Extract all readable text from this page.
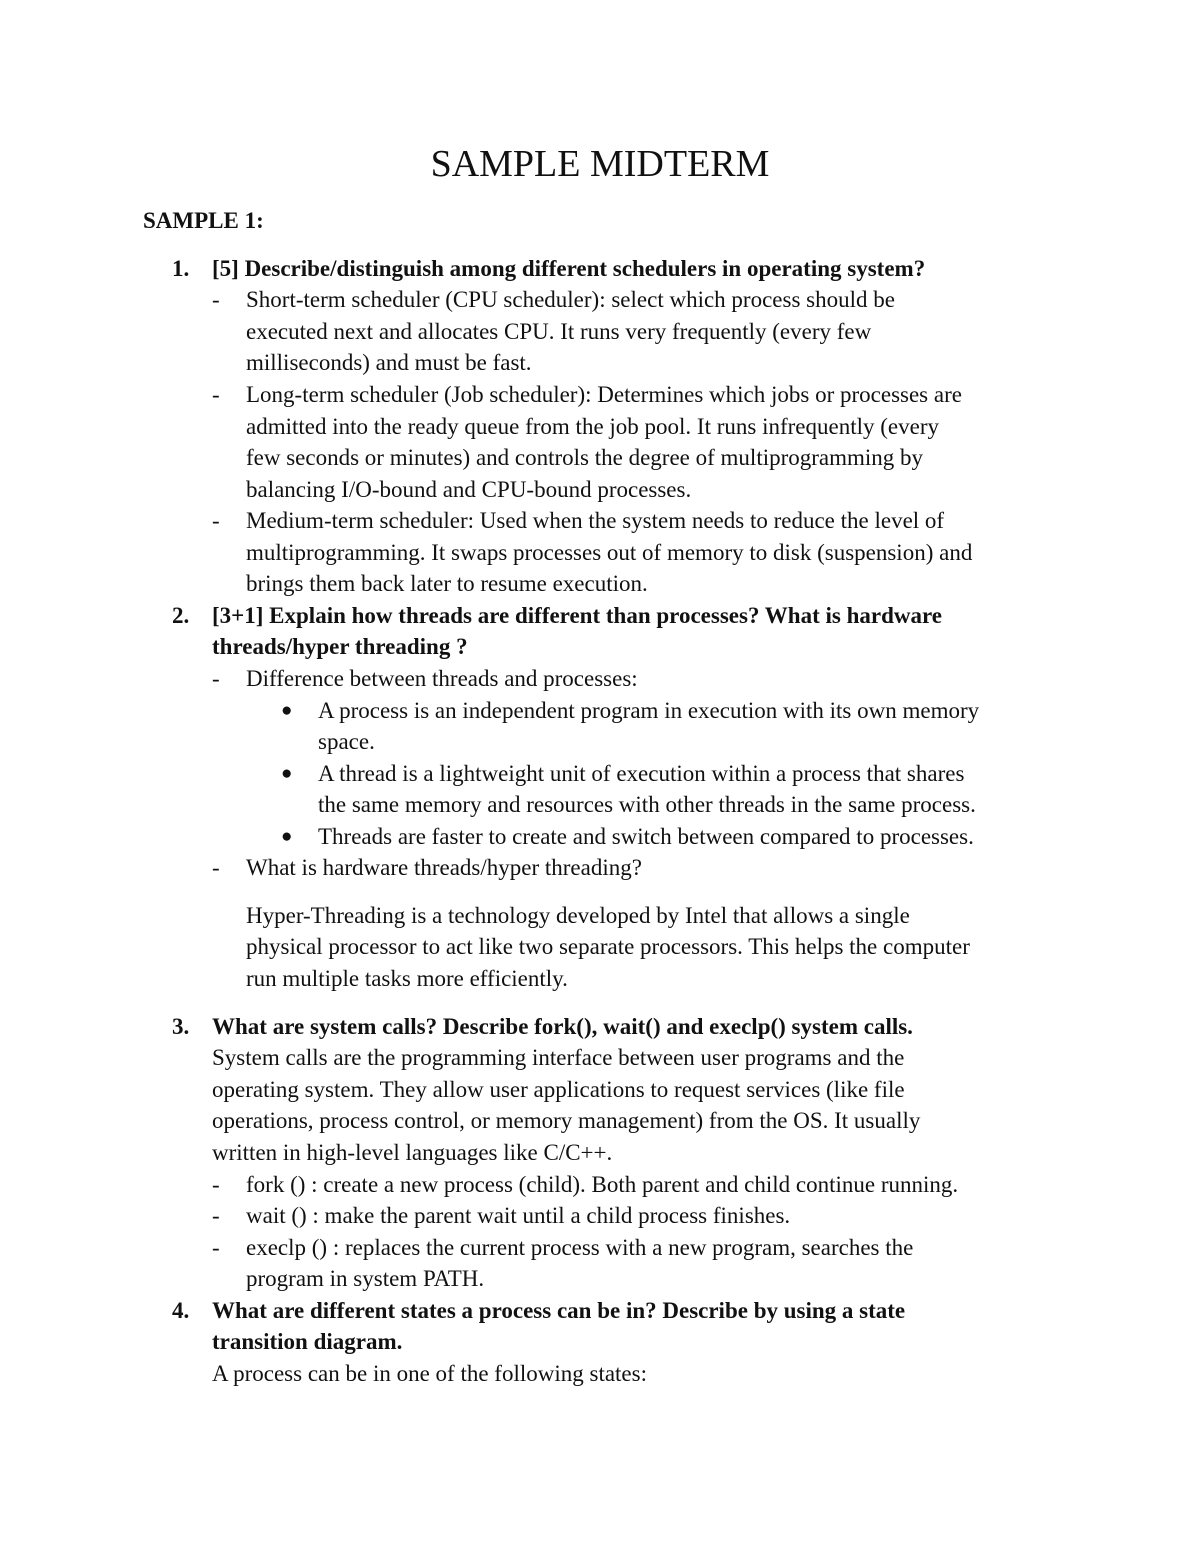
SAMPLE MIDTERM

SAMPLE 1:

1. [5] Describe/distinguish among different schedulers in operating system?

- Short-term scheduler (CPU scheduler): select which process should be

executed next and allocates CPU. It runs very frequently (every few

milliseconds) and must be fast.

- Long-term scheduler (Job scheduler): Determines which jobs or processes are

admitted into the ready queue from the job pool. It runs infrequently (every

few seconds or minutes) and controls the degree of multiprogramming by

balancing I/O-bound and CPU-bound processes.

- Medium-term scheduler: Used when the system needs to reduce the level of

multiprogramming. It swaps processes out of memory to disk (suspension) and

brings them back later to resume execution.

2. [3+1] Explain how threads are different than processes? What is hardware

threads/hyper threading ?

- Difference between threads and processes:

● A process is an independent program in execution with its own memory

space.

● A thread is a lightweight unit of execution within a process that shares

the same memory and resources with other threads in the same process.

● Threads are faster to create and switch between compared to processes.

- What is hardware threads/hyper threading?

Hyper-Threading is a technology developed by Intel that allows a single

physical processor to act like two separate processors. This helps the computer

run multiple tasks more efficiently.

3. What are system calls? Describe fork(), wait() and execlp() system calls.

System calls are the programming interface between user programs and the

operating system. They allow user applications to request services (like file

operations, process control, or memory management) from the OS. It usually

written in high-level languages like C/C++.

- fork () : create a new process (child). Both parent and child continue running.

- wait () : make the parent wait until a child process finishes.

- execlp () : replaces the current process with a new program, searches the

program in system PATH.

4. What are different states a process can be in? Describe by using a state

transition diagram.

A process can be in one of the following states:
